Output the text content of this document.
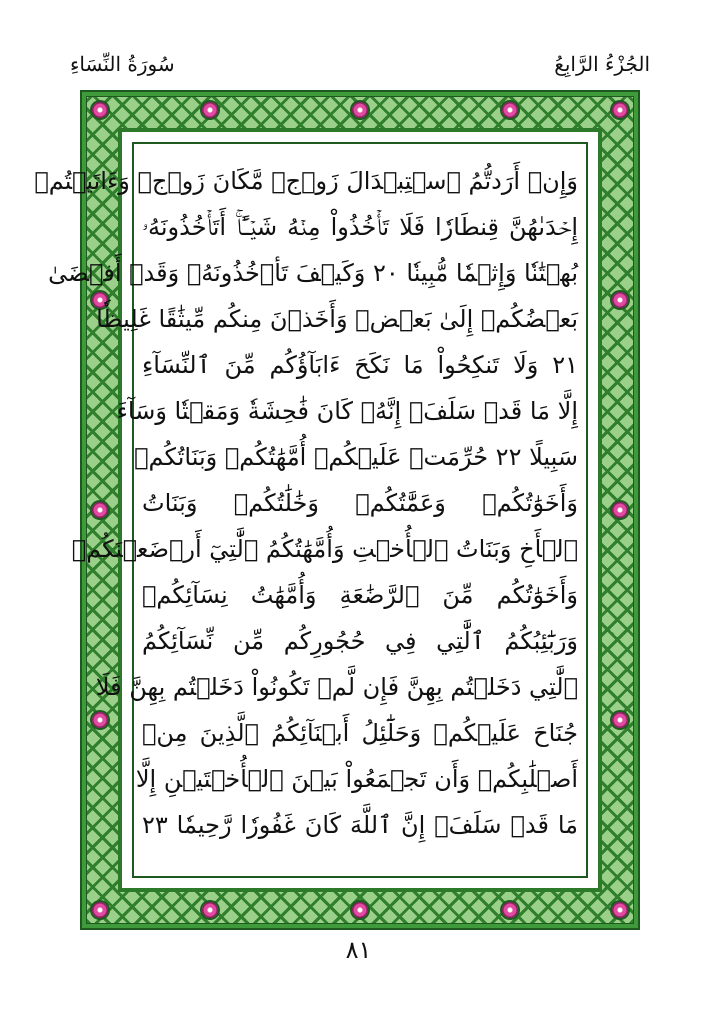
سُورَةُ النِّسَاءِ	الجُزْءُ الرَّابِعُ
وَإِنۡ أَرَدتُّمُ ٱسۡتِبۡدَالَ زَوۡجٖ مَّكَانَ زَوۡجٖ وَءَاتَيۡتُمۡ
إِحۡدَىٰهُنَّ قِنطَارٗا فَلَا تَأۡخُذُواْ مِنۡهُ شَيۡـًٔاۚ أَتَأۡخُذُونَهُۥ
بُهۡتَٰنٗا وَإِثۡمٗا مُّبِينٗا ٢٠ وَكَيۡفَ تَأۡخُذُونَهُۥ وَقَدۡ أَفۡضَىٰ
بَعۡضُكُمۡ إِلَىٰ بَعۡضٖ وَأَخَذۡنَ مِنكُم مِّيثَٰقًا غَلِيظٗا
٢١ وَلَا تَنكِحُواْ مَا نَكَحَ ءَابَآؤُكُم مِّنَ ٱلنِّسَآءِ
إِلَّا مَا قَدۡ سَلَفَۚ إِنَّهُۥ كَانَ فَٰحِشَةٗ وَمَقۡتٗا وَسَآءَ
سَبِيلًا ٢٢ حُرِّمَتۡ عَلَيۡكُمۡ أُمَّهَٰتُكُمۡ وَبَنَاتُكُمۡ
وَأَخَوَٰتُكُمۡ وَعَمَّٰتُكُمۡ وَخَٰلَٰتُكُمۡ وَبَنَاتُ
ٱلۡأَخِ وَبَنَاتُ ٱلۡأُخۡتِ وَأُمَّهَٰتُكُمُ ٱلَّٰتِيٓ أَرۡضَعۡنَكُمۡ
وَأَخَوَٰتُكُم مِّنَ ٱلرَّضَٰعَةِ وَأُمَّهَٰتُ نِسَآئِكُمۡ
وَرَبَٰٓئِبُكُمُ ٱلَّٰتِي فِي حُجُورِكُم مِّن نِّسَآئِكُمُ
ٱلَّٰتِي دَخَلۡتُم بِهِنَّ فَإِن لَّمۡ تَكُونُواْ دَخَلۡتُم بِهِنَّ فَلَا
جُنَاحَ عَلَيۡكُمۡ وَحَلَٰٓئِلُ أَبۡنَآئِكُمُ ٱلَّذِينَ مِنۡ
أَصۡلَٰبِكُمۡ وَأَن تَجۡمَعُواْ بَيۡنَ ٱلۡأُخۡتَيۡنِ إِلَّا
مَا قَدۡ سَلَفَۗ إِنَّ ٱللَّهَ كَانَ غَفُورٗا رَّحِيمٗا ٢٣
٨١
